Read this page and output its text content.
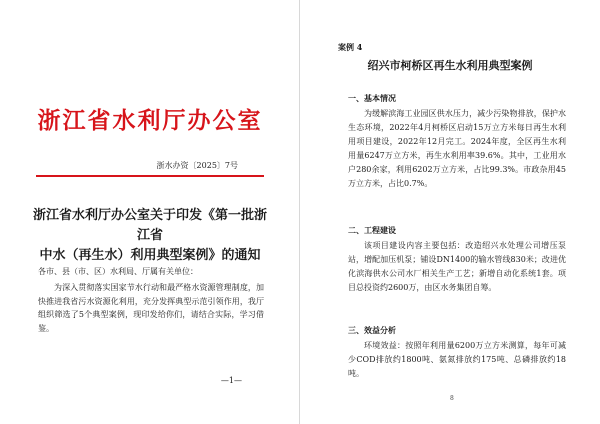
浙江省水利厅办公室
浙水办资〔2025〕7号
浙江省水利厅办公室关于印发《第一批浙江省
中水（再生水）利用典型案例》的通知
各市、县（市、区）水利局、厅属有关单位：
为深入贯彻落实国家节水行动和最严格水资源管理制度，加快推进我省污水资源化利用，充分发挥典型示范引领作用，我厅组织筛选了5个典型案例，现印发给你们，请结合实际，学习借鉴。
—1—
案例 4
绍兴市柯桥区再生水利用典型案例
一、基本情况
为缓解滨海工业园区供水压力，减少污染物排放，保护水生态环境，2022年4月柯桥区启动15万立方米每日再生水利用项目建设，2022年12月完工。2024年度，全区再生水利用量6247万立方米，再生水利用率39.6%。其中，工业用水户280余家，利用6202万立方米，占比99.3%。市政杂用45万立方米，占比0.7%。
二、工程建设
该项目建设内容主要包括：改造绍兴水处理公司增压泵站，增配加压机泵；铺设DN1400的输水管线830米；改进优化滨海供水公司水厂相关生产工艺；新增自动化系统1套。项目总投资约2600万，由区水务集团自筹。
三、效益分析
环境效益：按照年利用量6200万立方米测算，每年可减少COD排放约1800吨、氨氮排放约175吨、总磷排放约18吨。
8
